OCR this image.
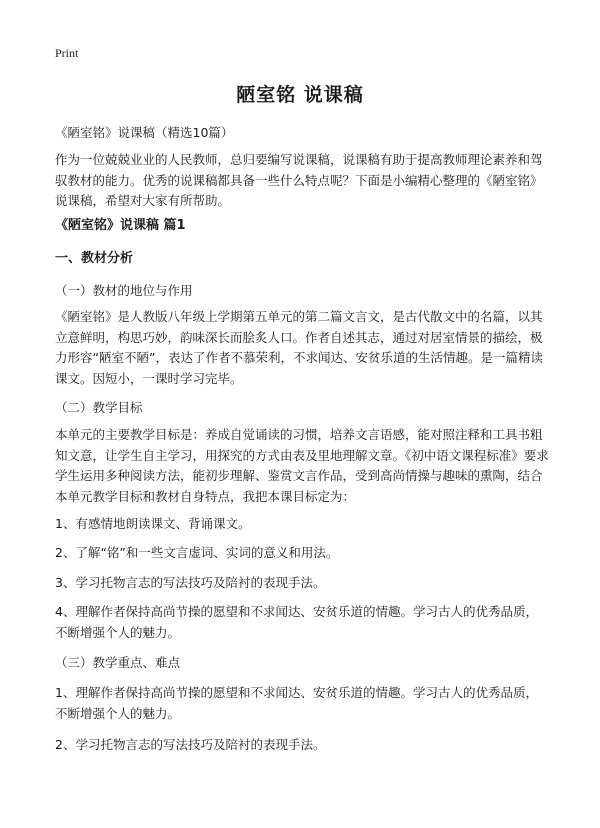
Print
陋室铭 说课稿

《陋室铭》说课稿（精选10篇）

作为一位兢兢业业的人民教师，总归要编写说课稿，说课稿有助于提高教师理论素养和驾驭教材的能力。优秀的说课稿都具备一些什么特点呢？下面是小编精心整理的《陋室铭》说课稿，希望对大家有所帮助。

《陋室铭》说课稿 篇1

一、教材分析

（一）教材的地位与作用

《陋室铭》是人教版八年级上学期第五单元的第二篇文言文，是古代散文中的名篇，以其立意鲜明，构思巧妙，韵味深长而脍炙人口。作者自述其志，通过对居室情景的描绘，极力形容“陋室不陋”，表达了作者不慕荣利，不求闻达、安贫乐道的生活情趣。是一篇精读课文。因短小，一课时学习完毕。

（二）教学目标

本单元的主要教学目标是：养成自觉诵读的习惯，培养文言语感，能对照注释和工具书粗知文意，让学生自主学习，用探究的方式由表及里地理解文章。《初中语文课程标准》要求学生运用多种阅读方法，能初步理解、鉴赏文言作品，受到高尚情操与趣味的熏陶，结合本单元教学目标和教材自身特点，我把本课目标定为：

1、有感情地朗读课文、背诵课文。

2、了解“铭”和一些文言虚词、实词的意义和用法。

3、学习托物言志的写法技巧及陪衬的表现手法。

4、理解作者保持高尚节操的愿望和不求闻达、安贫乐道的情趣。学习古人的优秀品质，不断增强个人的魅力。

（三）教学重点、难点

1、理解作者保持高尚节操的愿望和不求闻达、安贫乐道的情趣。学习古人的优秀品质，不断增强个人的魅力。

2、学习托物言志的写法技巧及陪衬的表现手法。
